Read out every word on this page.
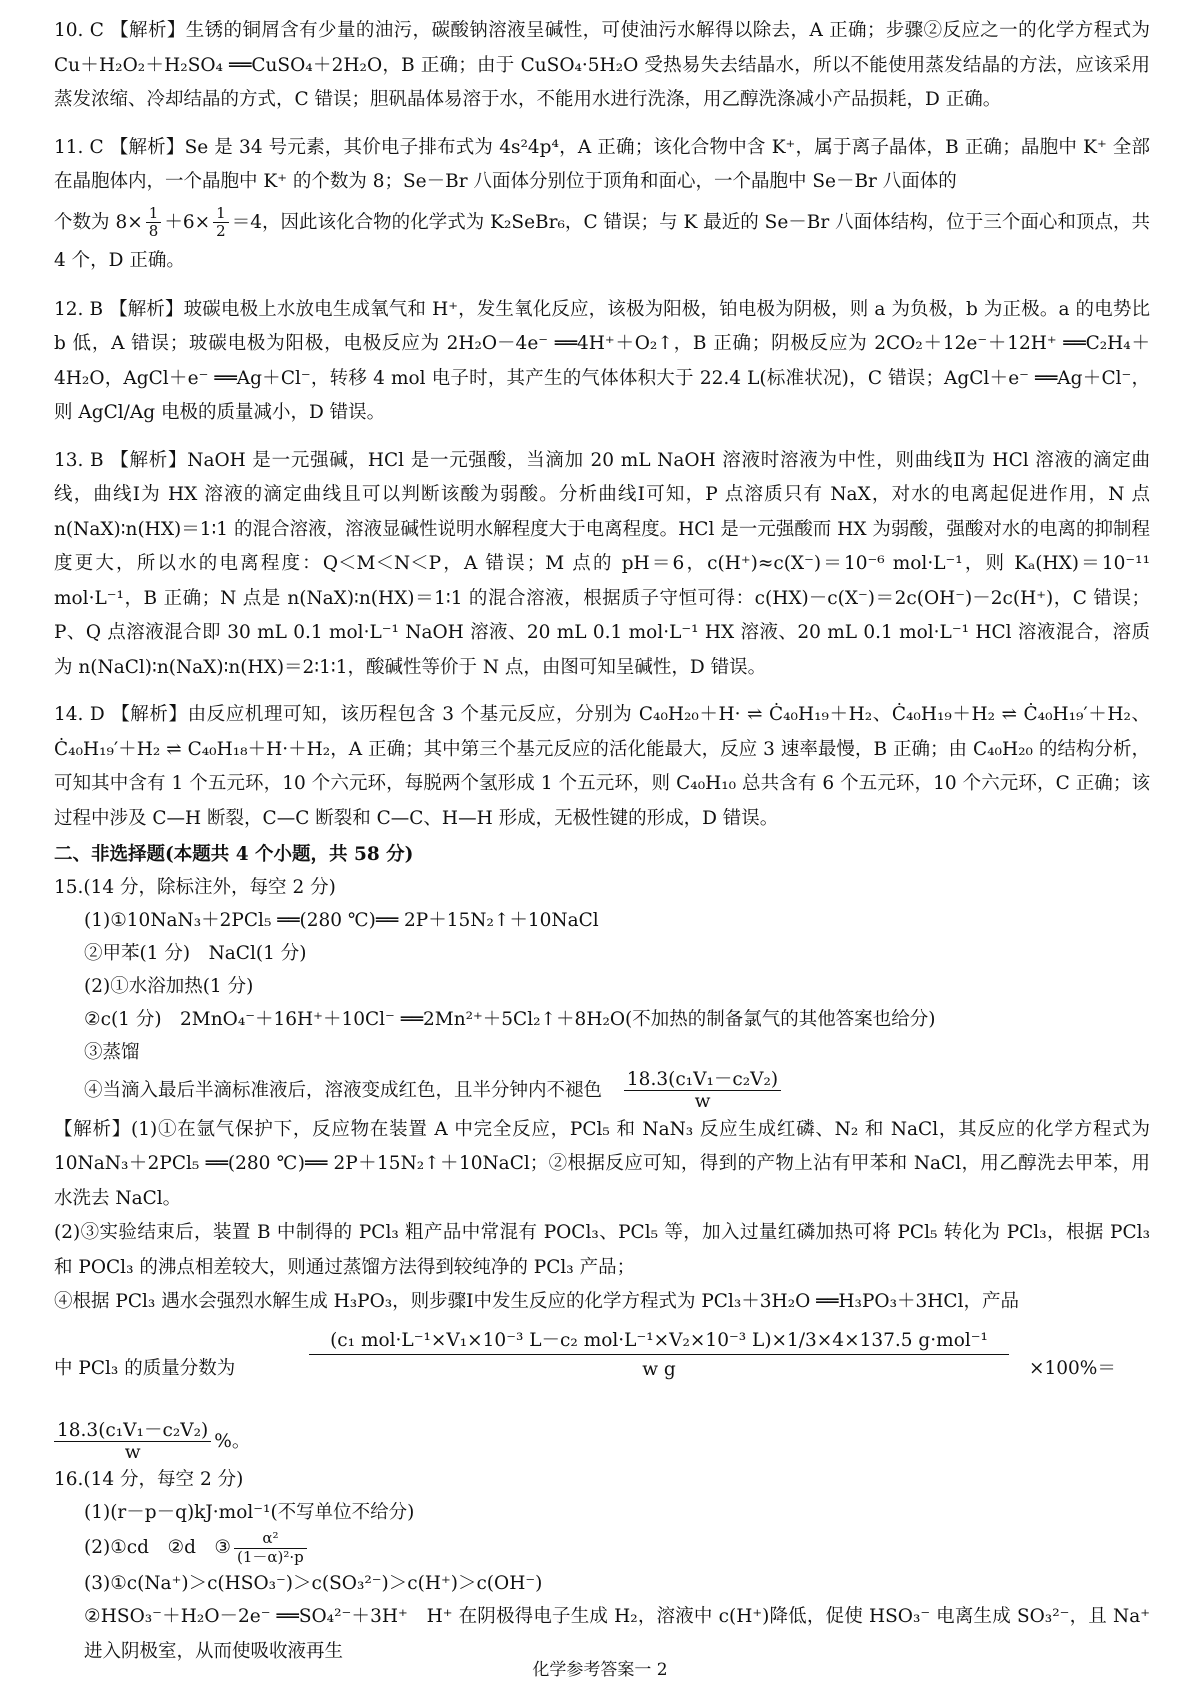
10. C 【解析】生锈的铜屑含有少量的油污，碳酸钠溶液呈碱性，可使油污水解得以除去，A 正确；步骤②反应之一的化学方程式为Cu＋H₂O₂＋H₂SO₄ ══CuSO₄＋2H₂O，B 正确；由于 CuSO₄·5H₂O 受热易失去结晶水，所以不能使用蒸发结晶的方法，应该采用蒸发浓缩、冷却结晶的方式，C 错误；胆矾晶体易溶于水，不能用水进行洗涤，用乙醇洗涤减小产品损耗，D 正确。

11. C 【解析】Se 是 34 号元素，其价电子排布式为 4s²4p⁴，A 正确；该化合物中含 K⁺，属于离子晶体，B 正确；晶胞中 K⁺ 全部在晶胞体内，一个晶胞中 K⁺ 的个数为 8；Se－Br 八面体分别位于顶角和面心，一个晶胞中 Se－Br 八面体的

个数为 $8\times \frac{1}{8} +6\times \frac{1}{2} =4$，因此该化合物的化学式为 K₂SeBr₆，C 错误；与 K 最近的 Se－Br 八面体结构，位于三个面心和顶点，共 4 个，D 正确。

12. B 【解析】玻碳电极上水放电生成氧气和 H⁺，发生氧化反应，该极为阳极，铂电极为阴极，则 a 为负极，b 为正极。a 的电势比 b 低，A 错误；玻碳电极为阳极，电极反应为 2H₂O－4e⁻ ══4H⁺＋O₂↑，B 正确；阴极反应为 2CO₂＋12e⁻＋12H⁺ ══C₂H₄＋4H₂O，AgCl＋e⁻ ══Ag＋Cl⁻，转移 4 mol 电子时，其产生的气体体积大于 22.4 L(标准状况)，C 错误；AgCl＋e⁻ ══Ag＋Cl⁻，则 AgCl/Ag 电极的质量减小，D 错误。

13. B 【解析】NaOH 是一元强碱，HCl 是一元强酸，当滴加 20 mL NaOH 溶液时溶液为中性，则曲线Ⅱ为 HCl 溶液的滴定曲线，曲线Ⅰ为 HX 溶液的滴定曲线且可以判断该酸为弱酸。分析曲线Ⅰ可知，P 点溶质只有 NaX，对水的电离起促进作用，N 点 n(NaX)∶n(HX)＝1∶1 的混合溶液，溶液显碱性说明水解程度大于电离程度。HCl 是一元强酸而 HX 为弱酸，强酸对水的电离的抑制程度更大，所以水的电离程度：Q＜M＜N＜P，A 错误；M 点的 pH＝6，c(H⁺)≈c(X⁻)＝10⁻⁶ mol·L⁻¹，则 Kₐ(HX)＝10⁻¹¹ mol·L⁻¹，B 正确；N 点是 n(NaX)∶n(HX)＝1∶1 的混合溶液，根据质子守恒可得：c(HX)－c(X⁻)＝2c(OH⁻)－2c(H⁺)，C 错误；P、Q 点溶液混合即 30 mL 0.1 mol·L⁻¹ NaOH 溶液、20 mL 0.1 mol·L⁻¹ HX 溶液、20 mL 0.1 mol·L⁻¹ HCl 溶液混合，溶质为 n(NaCl)∶n(NaX)∶n(HX)＝2∶1∶1，酸碱性等价于 N 点，由图可知呈碱性，D 错误。

14. D 【解析】由反应机理可知，该历程包含 3 个基元反应，分别为 C₄₀H₂₀＋H· ⇌ Ċ₄₀H₁₉＋H₂、Ċ₄₀H₁₉＋H₂ ⇌ Ċ₄₀H₁₉′＋H₂、Ċ₄₀H₁₉′＋H₂ ⇌ C₄₀H₁₈＋H·＋H₂，A 正确；其中第三个基元反应的活化能最大，反应 3 速率最慢，B 正确；由 C₄₀H₂₀ 的结构分析，可知其中含有 1 个五元环，10 个六元环，每脱两个氢形成 1 个五元环，则 C₄₀H₁₀ 总共含有 6 个五元环，10 个六元环，C 正确；该过程中涉及 C—H 断裂，C—C 断裂和 C—C、H—H 形成，无极性键的形成，D 错误。

二、非选择题(本题共 4 个小题，共 58 分)

15.(14 分，除标注外，每空 2 分)

(1)①10NaN₃＋2PCl₅ ══(280 ℃)══ 2P＋15N₂↑＋10NaCl

②甲苯(1 分)　NaCl(1 分)

(2)①水浴加热(1 分)

②c(1 分)　2MnO₄⁻＋16H⁺＋10Cl⁻ ══2Mn²⁺＋5Cl₂↑＋8H₂O(不加热的制备氯气的其他答案也给分)

③蒸馏

④当滴入最后半滴标准液后，溶液变成红色，且半分钟内不褪色 $\frac{\text{18.3(c₁V₁－c₂V₂)}}{w}$

【解析】(1)①在氩气保护下，反应物在装置 A 中完全反应，PCl₅ 和 NaN₃ 反应生成红磷、N₂ 和 NaCl，其反应的化学方程式为 10NaN₃＋2PCl₅ ══(280 ℃)══ 2P＋15N₂↑＋10NaCl；②根据反应可知，得到的产物上沾有甲苯和 NaCl，用乙醇洗去甲苯，用水洗去 NaCl。

(2)③实验结束后，装置 B 中制得的 PCl₃ 粗产品中常混有 POCl₃、PCl₅ 等，加入过量红磷加热可将 PCl₅ 转化为 PCl₃，根据 PCl₃ 和 POCl₃ 的沸点相差较大，则通过蒸馏方法得到较纯净的 PCl₃ 产品；

④根据 PCl₃ 遇水会强烈水解生成 H₃PO₃，则步骤Ⅰ中发生反应的化学方程式为 PCl₃＋3H₂O ══H₃PO₃＋3HCl，产品

中 PCl₃ 的质量分数为
(c₁ mol·L⁻¹×V₁×10⁻³ L－c₂ mol·L⁻¹×V₂×10⁻³ L)×1/3×4×137.5 g·mol⁻¹
w g	×100%＝

$\frac{\text{18.3(c₁V₁－c₂V₂)}}{w}$ %。

16.(14 分，每空 2 分)

(1)(r－p－q)kJ·mol⁻¹(不写单位不给分)

(2)①cd　②d　③ $\frac{\text{α²}}{\text{(1－α)²·p}}$

(3)①c(Na⁺)＞c(HSO₃⁻)＞c(SO₃²⁻)＞c(H⁺)＞c(OH⁻)

②HSO₃⁻＋H₂O－2e⁻ ══SO₄²⁻＋3H⁺　H⁺ 在阴极得电子生成 H₂，溶液中 c(H⁺)降低，促使 HSO₃⁻ 电离生成 SO₃²⁻，且 Na⁺ 进入阴极室，从而使吸收液再生

化学参考答案一 2
